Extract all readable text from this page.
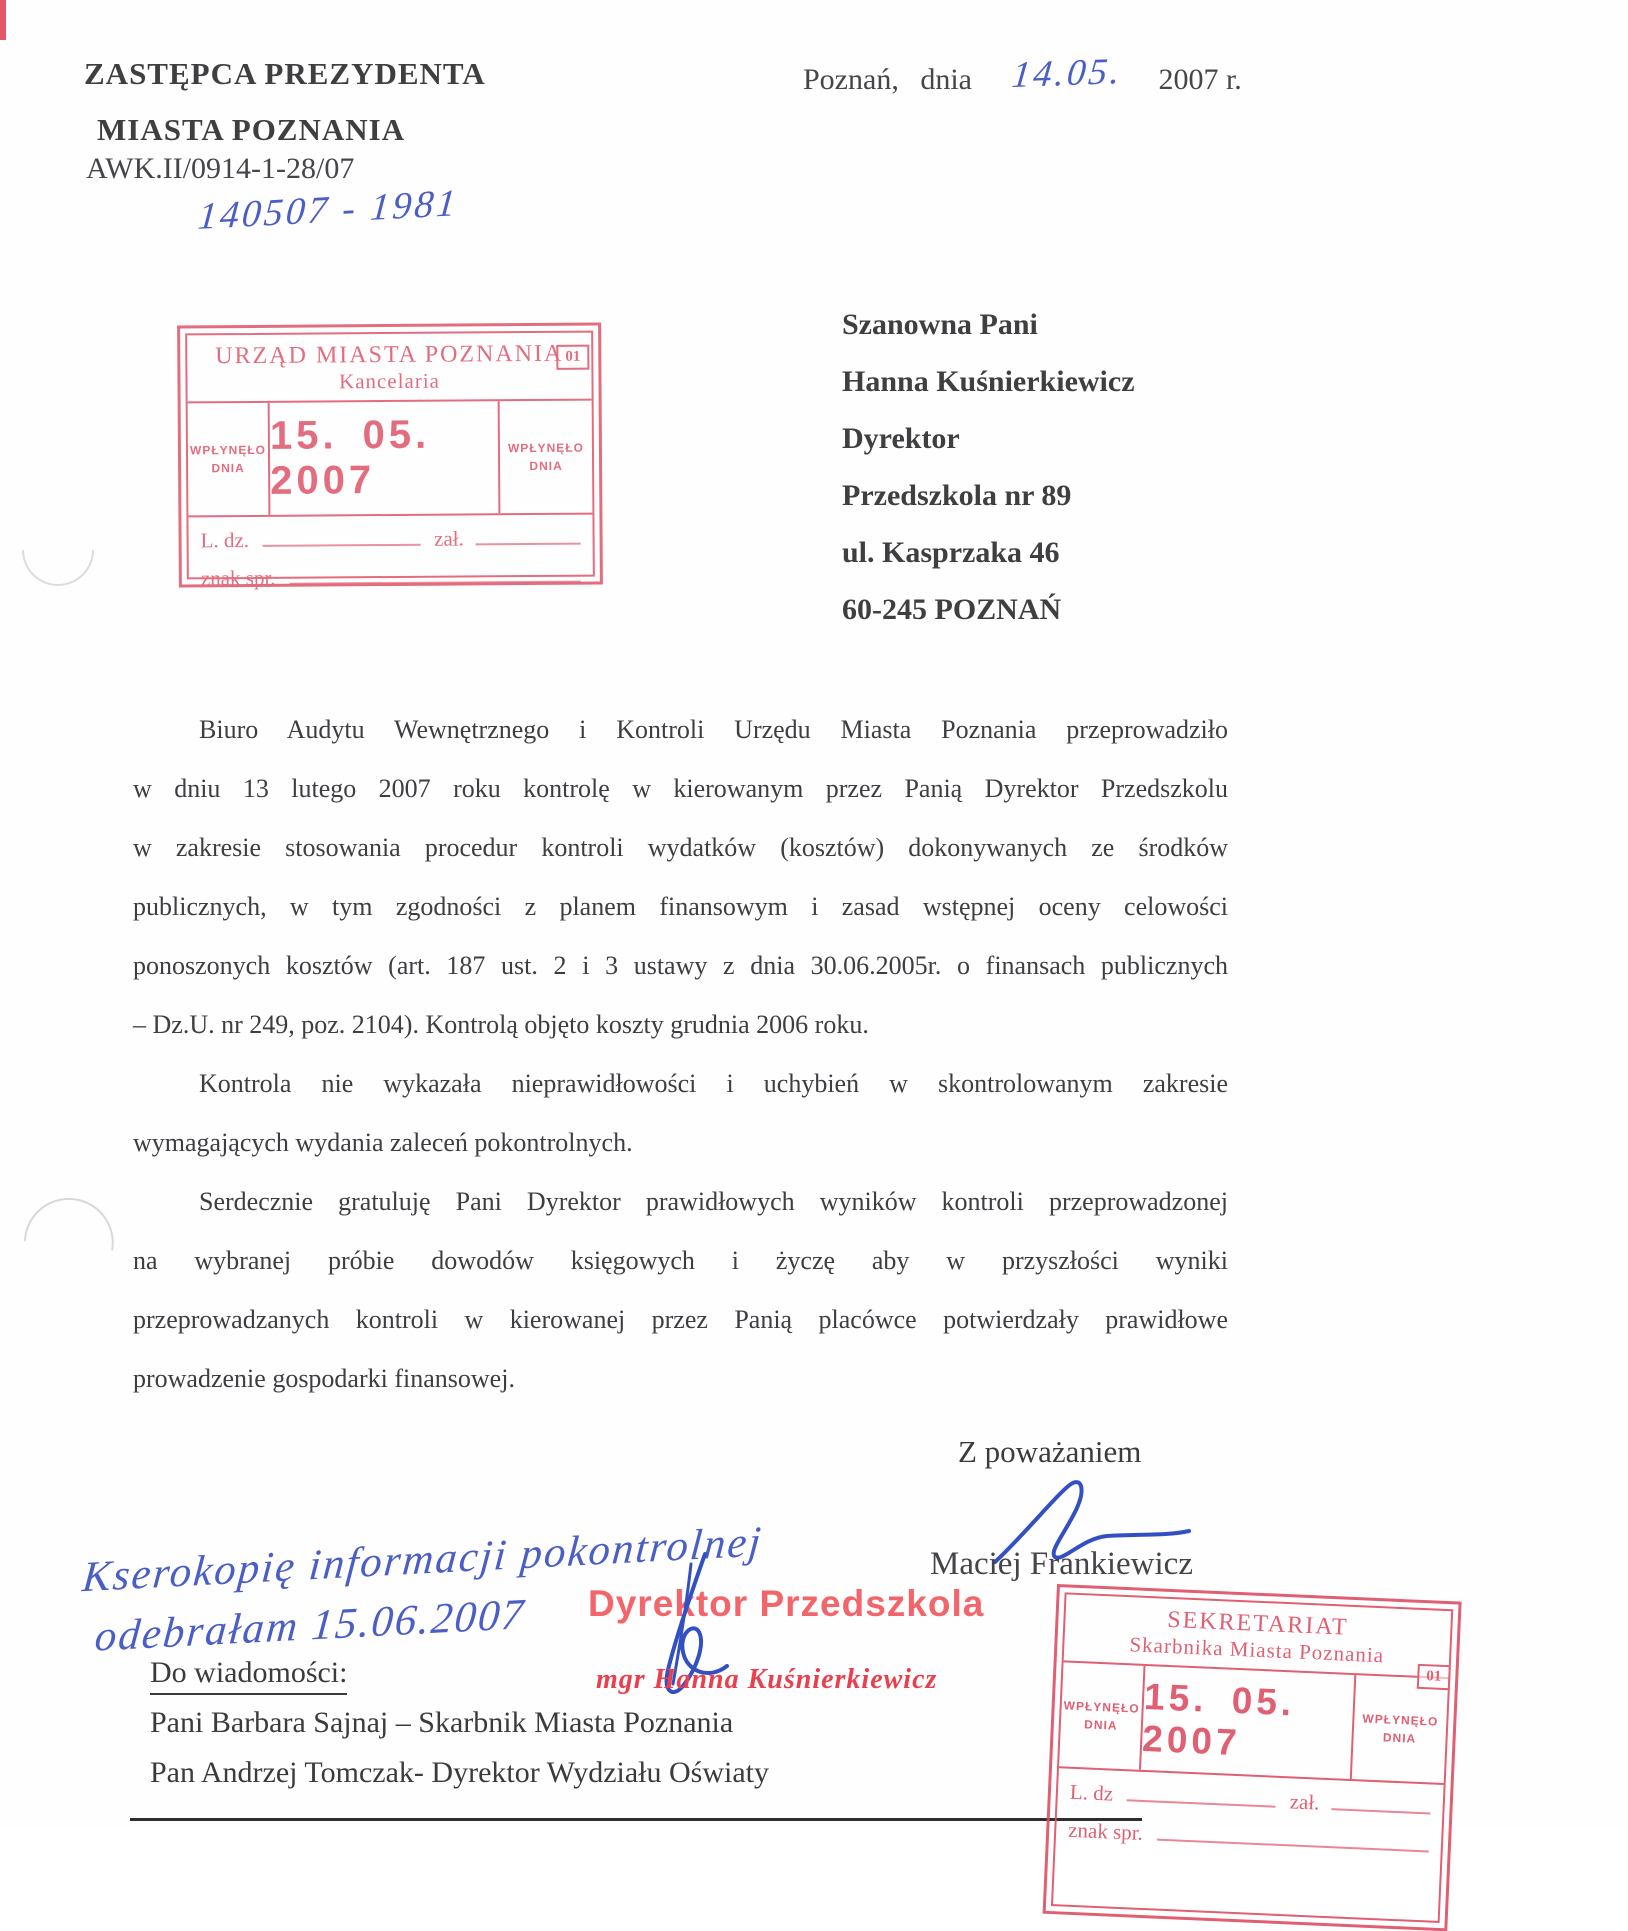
ZASTĘPCA PREZYDENTA
MIASTA POZNANIA
AWK.II/0914-1-28/07
140507 - 1981
Poznań, dnia 14.05. 2007 r.
URZĄD MIASTA POZNANIA
Kancelaria
01
WPŁYNĘŁO
DNIA
15. 05. 2007
WPŁYNĘŁO
DNIA
L. dz.	zał.
znak spr.
Szanowna Pani
Hanna Kuśnierkiewicz
Dyrektor
Przedszkola nr 89
ul. Kasprzaka 46
60-245 POZNAŃ

Biuro Audytu Wewnętrznego i Kontroli Urzędu Miasta Poznania przeprowadziło

w dniu 13 lutego 2007 roku kontrolę w kierowanym przez Panią Dyrektor Przedszkolu

w zakresie stosowania procedur kontroli wydatków (kosztów) dokonywanych ze środków

publicznych, w tym zgodności z planem finansowym i zasad wstępnej oceny celowości

ponoszonych kosztów (art. 187 ust. 2 i 3 ustawy z dnia 30.06.2005r. o finansach publicznych

– Dz.U. nr 249, poz. 2104). Kontrolą objęto koszty grudnia 2006 roku.

Kontrola nie wykazała nieprawidłowości i uchybień w skontrolowanym zakresie

wymagających wydania zaleceń pokontrolnych.

Serdecznie gratuluję Pani Dyrektor prawidłowych wyników kontroli przeprowadzonej

na wybranej próbie dowodów księgowych i życzę aby w przyszłości wyniki

przeprowadzanych kontroli w kierowanej przez Panią placówce potwierdzały prawidłowe

prowadzenie gospodarki finansowej.

Z poważaniem
Maciej Frankiewicz
Kserokopię informacji pokontrolnej
odebrałam 15.06.2007	Dyrektor Przedszkola
mgr Hanna Kuśnierkiewicz
Do wiadomości:
Pani Barbara Sajnaj – Skarbnik Miasta Poznania
Pan Andrzej Tomczak- Dyrektor Wydziału Oświaty
SEKRETARIAT
Skarbnika Miasta Poznania
01
WPŁYNĘŁO
DNIA
15. 05. 2007	WPŁYNĘŁO
DNIA
L. dz	zał.
znak spr.
